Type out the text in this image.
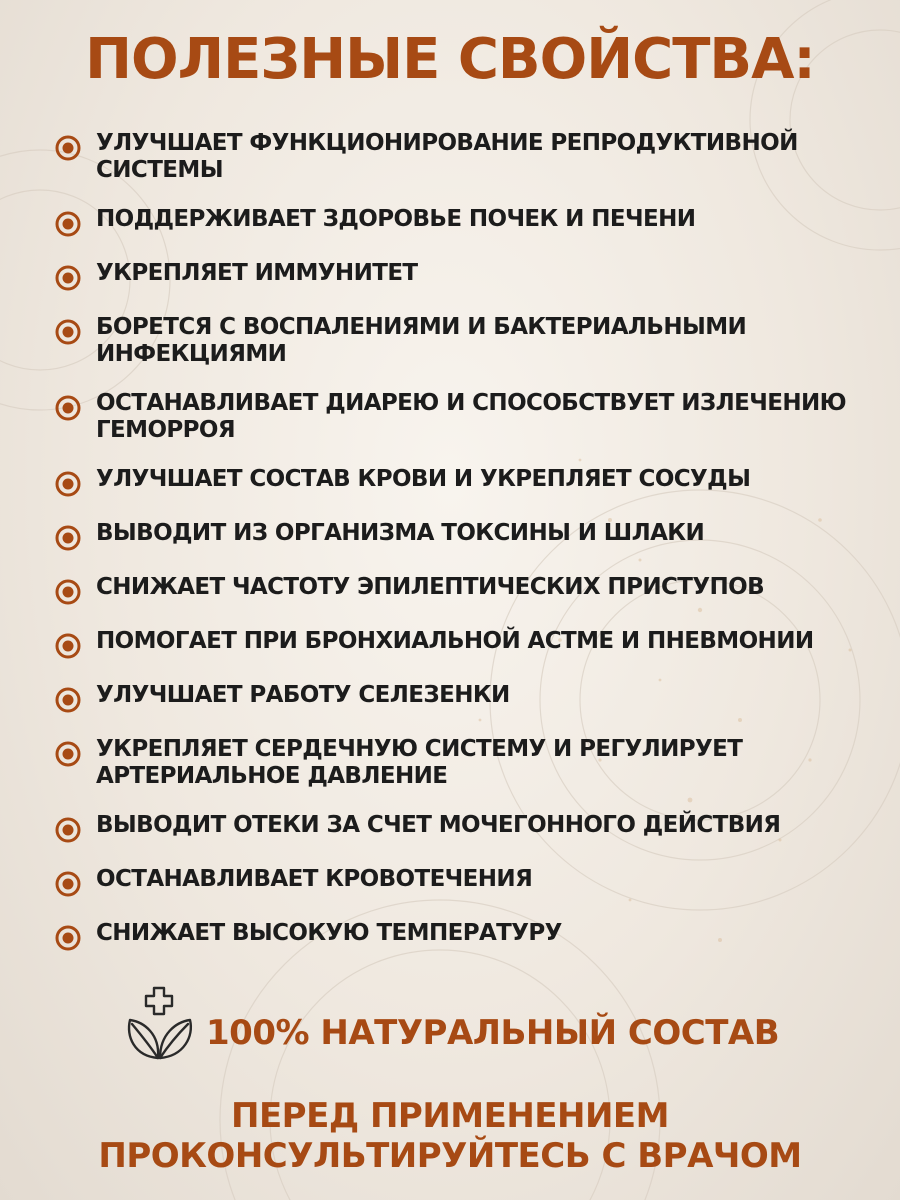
ПОЛЕЗНЫЕ СВОЙСТВА:
УЛУЧШАЕТ ФУНКЦИОНИРОВАНИЕ РЕПРОДУКТИВНОЙ
СИСТЕМЫ
ПОДДЕРЖИВАЕТ ЗДОРОВЬЕ ПОЧЕК И ПЕЧЕНИ
УКРЕПЛЯЕТ ИММУНИТЕТ
БОРЕТСЯ С ВОСПАЛЕНИЯМИ И БАКТЕРИАЛЬНЫМИ
ИНФЕКЦИЯМИ
ОСТАНАВЛИВАЕТ ДИАРЕЮ И СПОСОБСТВУЕТ ИЗЛЕЧЕНИЮ
ГЕМОРРОЯ
УЛУЧШАЕТ СОСТАВ КРОВИ И УКРЕПЛЯЕТ СОСУДЫ
ВЫВОДИТ ИЗ ОРГАНИЗМА ТОКСИНЫ И ШЛАКИ
СНИЖАЕТ ЧАСТОТУ ЭПИЛЕПТИЧЕСКИХ ПРИСТУПОВ
ПОМОГАЕТ ПРИ БРОНХИАЛЬНОЙ АСТМЕ И ПНЕВМОНИИ
УЛУЧШАЕТ РАБОТУ СЕЛЕЗЕНКИ
УКРЕПЛЯЕТ СЕРДЕЧНУЮ СИСТЕМУ И РЕГУЛИРУЕТ
АРТЕРИАЛЬНОЕ ДАВЛЕНИЕ
ВЫВОДИТ ОТЕКИ ЗА СЧЕТ МОЧЕГОННОГО ДЕЙСТВИЯ
ОСТАНАВЛИВАЕТ КРОВОТЕЧЕНИЯ
СНИЖАЕТ ВЫСОКУЮ ТЕМПЕРАТУРУ
100% НАТУРАЛЬНЫЙ СОСТАВ
ПЕРЕД ПРИМЕНЕНИЕМ
ПРОКОНСУЛЬТИРУЙТЕСЬ С ВРАЧОМ
